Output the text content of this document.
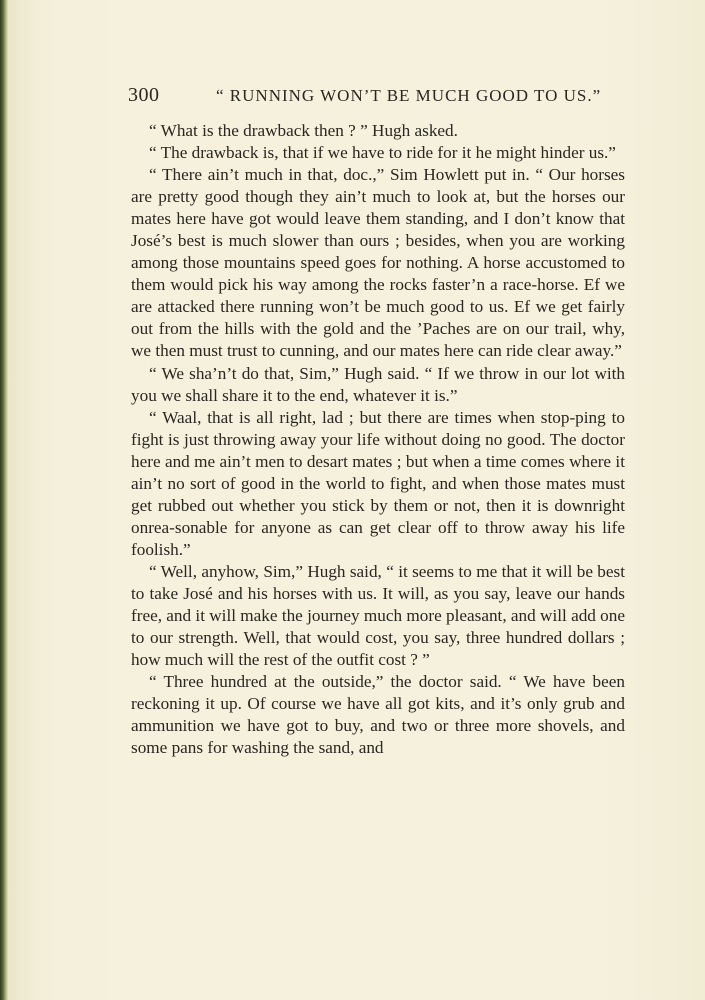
300	“ RUNNING WON’T BE MUCH GOOD TO US.”

“ What is the drawback then ? ” Hugh asked.

“ The drawback is, that if we have to ride for it he might hinder us.”

“ There ain’t much in that, doc.,” Sim Howlett put in. “ Our horses are pretty good though they ain’t much to look at, but the horses our mates here have got would leave them standing, and I don’t know that José’s best is much slower than ours ; besides, when you are working among those mountains speed goes for nothing. A horse accustomed to them would pick his way among the rocks faster’n a race-horse. Ef we are attacked there running won’t be much good to us. Ef we get fairly out from the hills with the gold and the ’Paches are on our trail, why, we then must trust to cunning, and our mates here can ride clear away.”

“ We sha’n’t do that, Sim,” Hugh said. “ If we throw in our lot with you we shall share it to the end, whatever it is.”

“ Waal, that is all right, lad ; but there are times when stop-ping to fight is just throwing away your life without doing no good. The doctor here and me ain’t men to desart mates ; but when a time comes where it ain’t no sort of good in the world to fight, and when those mates must get rubbed out whether you stick by them or not, then it is downright onrea-sonable for anyone as can get clear off to throw away his life foolish.”

“ Well, anyhow, Sim,” Hugh said, “ it seems to me that it will be best to take José and his horses with us. It will, as you say, leave our hands free, and it will make the journey much more pleasant, and will add one to our strength. Well, that would cost, you say, three hundred dollars ; how much will the rest of the outfit cost ? ”

“ Three hundred at the outside,” the doctor said. “ We have been reckoning it up. Of course we have all got kits, and it’s only grub and ammunition we have got to buy, and two or three more shovels, and some pans for washing the sand, and
